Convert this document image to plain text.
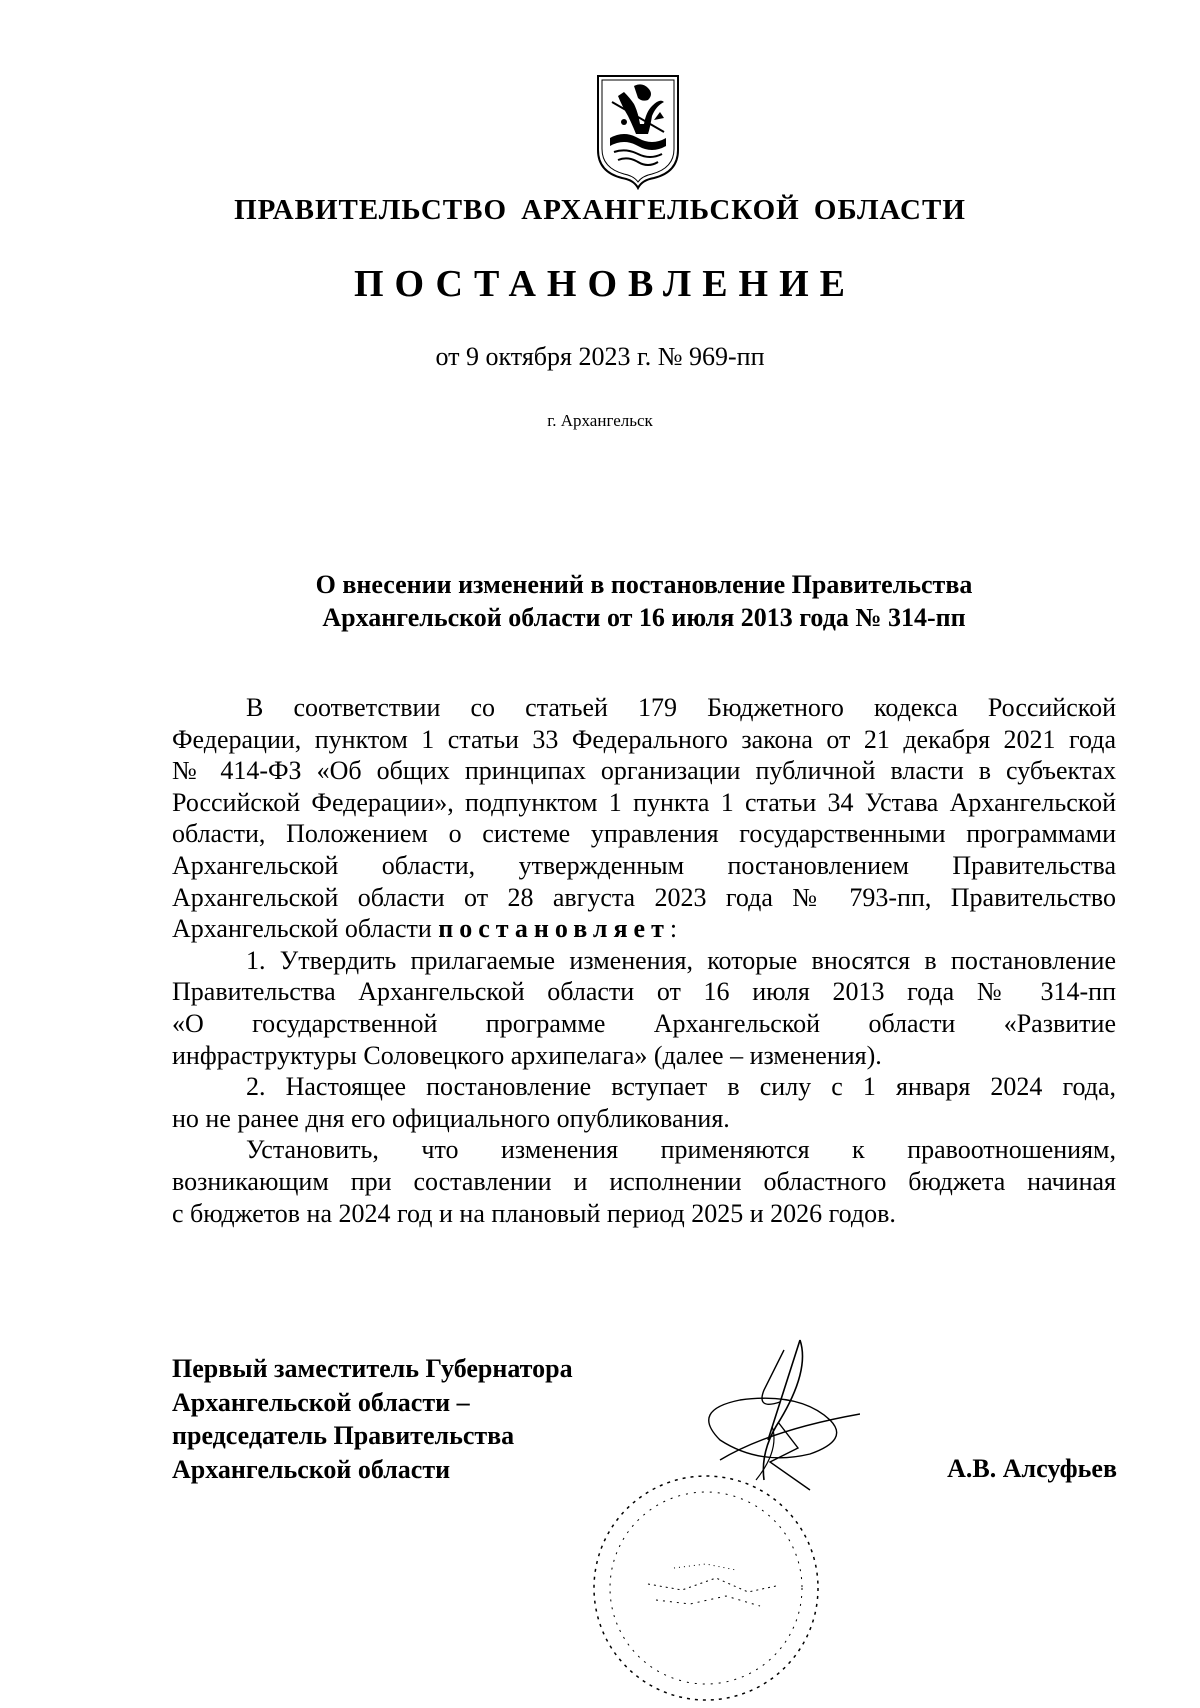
ПРАВИТЕЛЬСТВО АРХАНГЕЛЬСКОЙ ОБЛАСТИ
ПОСТАНОВЛЕНИЕ
от 9 октября 2023 г. № 969-пп
г. Архангельск
О внесении изменений в постановление Правительства
Архангельской области от 16 июля 2013 года № 314-пп
В соответствии со статьей 179 Бюджетного кодекса Российской
Федерации, пунктом 1 статьи 33 Федерального закона от 21 декабря 2021 года
№ 414-ФЗ «Об общих принципах организации публичной власти в субъектах
Российской Федерации», подпунктом 1 пункта 1 статьи 34 Устава Архангельской
области, Положением о системе управления государственными программами
Архангельской области, утвержденным постановлением Правительства
Архангельской области от 28 августа 2023 года № 793-пп, Правительство
Архангельской области постановляет:
1. Утвердить прилагаемые изменения, которые вносятся в постановление
Правительства Архангельской области от 16 июля 2013 года № 314-пп
«О государственной программе Архангельской области «Развитие
инфраструктуры Соловецкого архипелага» (далее – изменения).
2. Настоящее постановление вступает в силу с 1 января 2024 года,
но не ранее дня его официального опубликования.
Установить, что изменения применяются к правоотношениям,
возникающим при составлении и исполнении областного бюджета начиная
с бюджетов на 2024 год и на плановый период 2025 и 2026 годов.
Первый заместитель Губернатора
Архангельской области –
председатель Правительства
Архангельской области	А.В. Алсуфьев
